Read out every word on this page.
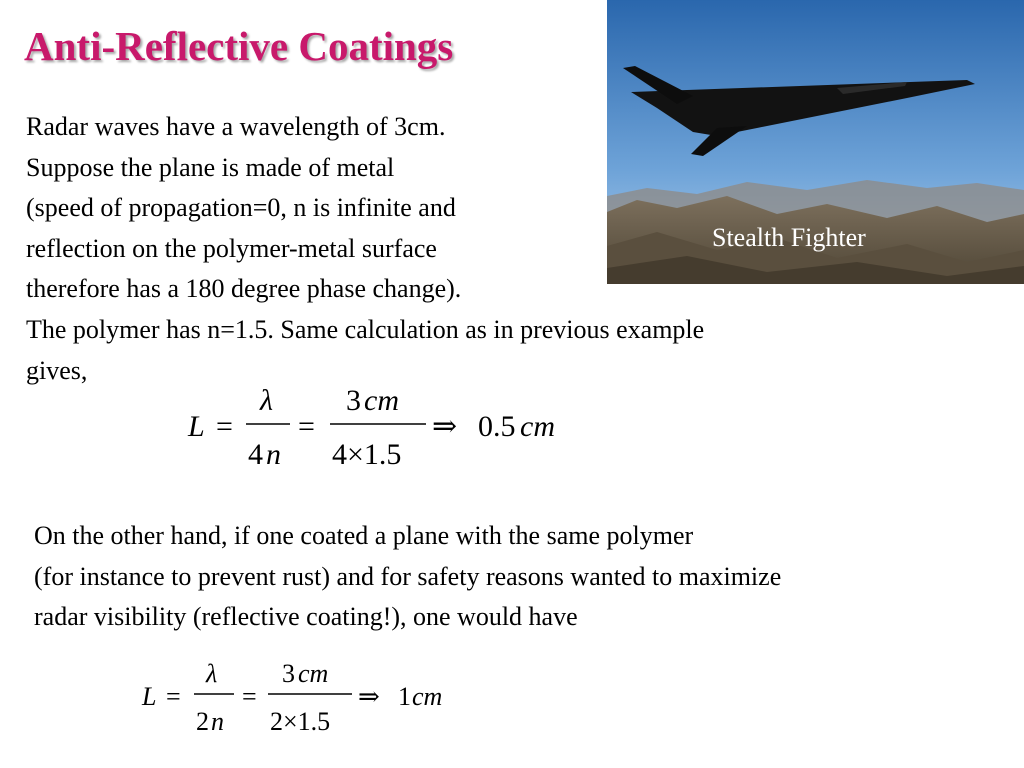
Anti-Reflective Coatings
Stealth Fighter
Radar waves have a wavelength of 3cm.
Suppose the plane is made of metal
(speed of propagation=0, n is infinite and
reflection on the polymer-metal surface
therefore has a 180 degree phase change).
The polymer has n=1.5. Same calculation as in previous example
gives,
L =
λ
4 n
=
3 cm
4×1.5
⇒ 0.5 cm
On the other hand, if one coated a plane with the same polymer
(for instance to prevent rust) and for safety reasons wanted to maximize
radar visibility (reflective coating!), one would have
L =
λ
2 n
=
3 cm
2×1.5
⇒ 1 cm
